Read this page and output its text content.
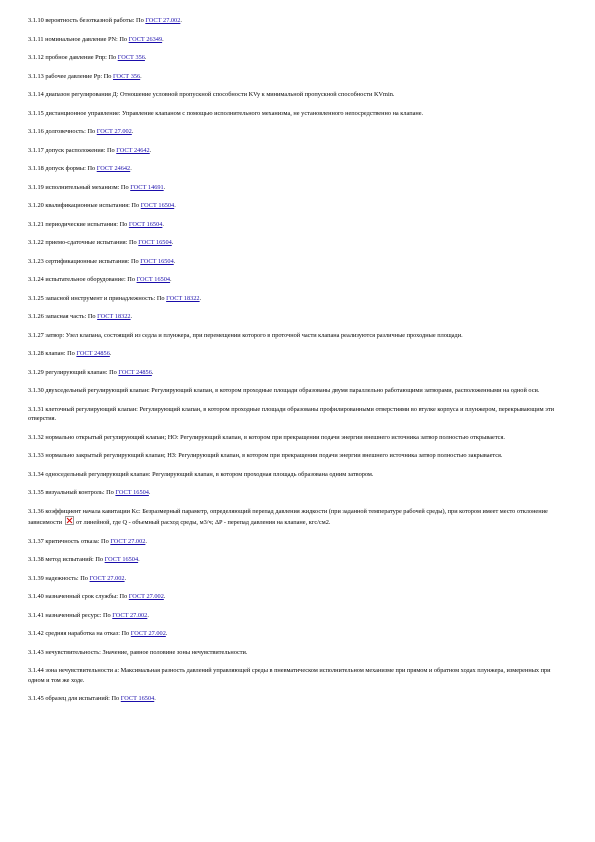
3.1.10 вероятность безотказной работы: По ГОСТ 27.002.

3.1.11 номинальное давление PN: По ГОСТ 26349.

3.1.12 пробное давление Pпр: По ГОСТ 356.

3.1.13 рабочее давление Pр: По ГОСТ 356.

3.1.14 диапазон регулирования Д: Отношение условной пропускной способности KVy к минимальной пропускной способности KVmin.

3.1.15 дистанционное управление: Управление клапаном с помощью исполнительного механизма, не установленного непосредственно на клапане.

3.1.16 долговечность: По ГОСТ 27.002.

3.1.17 допуск расположения: По ГОСТ 24642.

3.1.18 допуск формы: По ГОСТ 24642.

3.1.19 исполнительный механизм: По ГОСТ 14691.

3.1.20 квалификационные испытания: По ГОСТ 16504.

3.1.21 периодические испытания: По ГОСТ 16504.

3.1.22 приемо-сдаточные испытания: По ГОСТ 16504.

3.1.23 сертификационные испытания: По ГОСТ 16504.

3.1.24 испытательное оборудование: По ГОСТ 16504.

3.1.25 запасной инструмент и принадлежность: По ГОСТ 18322.

3.1.26 запасная часть: По ГОСТ 18322.

3.1.27 затвор: Узел клапана, состоящий из седла и плунжера, при перемещении которого в проточной части клапана реализуются различные проходные площади.

3.1.28 клапан: По ГОСТ 24856.

3.1.29 регулирующий клапан: По ГОСТ 24856.

3.1.30 двухседельный регулирующий клапан: Регулирующий клапан, в котором проходные площади образованы двумя параллельно работающими затворами, расположенными на одной оси.

3.1.31 клеточный регулирующий клапан: Регулирующий клапан, в котором проходные площади образованы профилированными отверстиями во втулке корпуса и плунжером, перекрывающим эти отверстия.

3.1.32 нормально открытый регулирующий клапан; НО: Регулирующий клапан, в котором при прекращении подачи энергии внешнего источника затвор полностью открывается.

3.1.33 нормально закрытый регулирующий клапан; НЗ: Регулирующий клапан, в котором при прекращении подачи энергии внешнего источника затвор полностью закрывается.

3.1.34 односедельный регулирующий клапан: Регулирующий клапан, в котором проходная площадь образована одним затвором.

3.1.35 визуальный контроль: По ГОСТ 16504.

3.1.36 коэффициент начала кавитации Kc: Безразмерный параметр, определяющий перепад давления жидкости (при заданной температуре рабочей среды), при котором имеет место отклонение зависимости  от линейной, где Q - объемный расход среды, м3/ч; ΔP - перепад давления на клапане, кгс/см2.

3.1.37 критичность отказа: По ГОСТ 27.002.

3.1.38 метод испытаний: По ГОСТ 16504.

3.1.39 надежность: По ГОСТ 27.002.

3.1.40 назначенный срок службы: По ГОСТ 27.002.

3.1.41 назначенный ресурс: По ГОСТ 27.002.

3.1.42 средняя наработка на отказ: По ГОСТ 27.002.

3.1.43 нечувствительность: Значение, равное половине зоны нечувствительности.

3.1.44 зона нечувствительности а: Максимальная разность давлений управляющей среды в пневматическом исполнительном механизме при прямом и обратном ходах плунжера, измеренных при одном и том же ходе.

3.1.45 образец для испытаний: По ГОСТ 16504.
